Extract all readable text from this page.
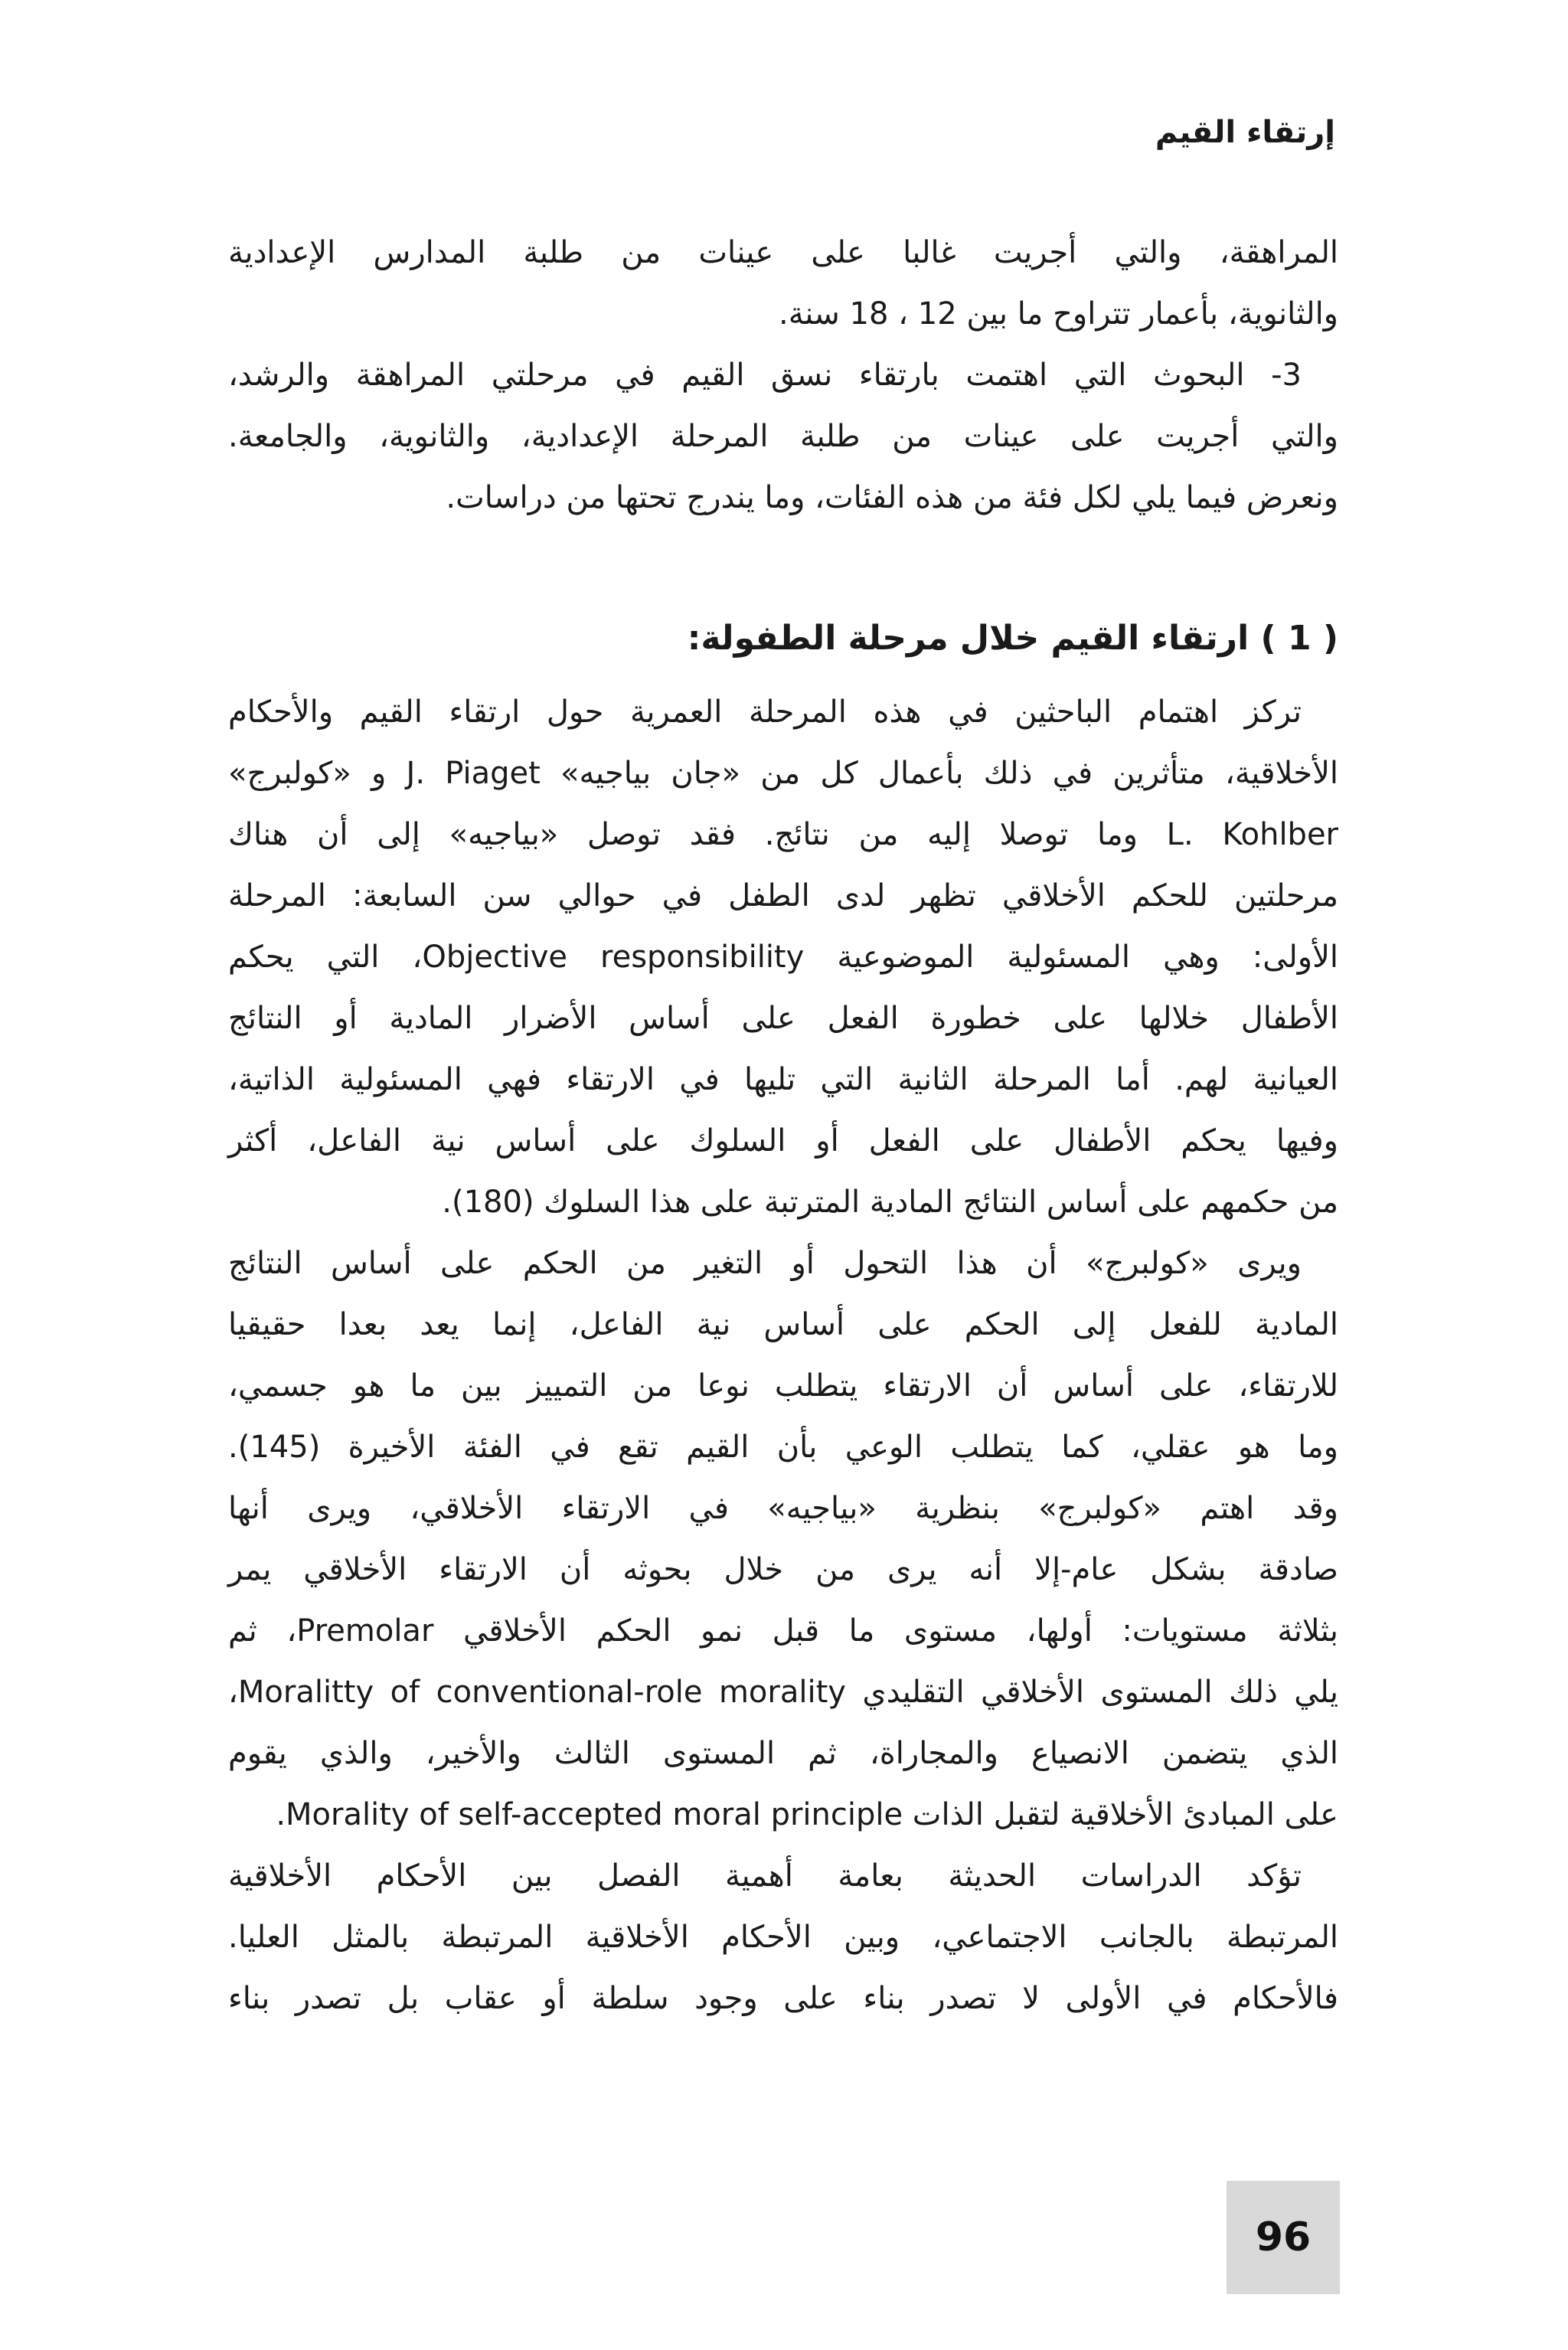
إرتقاء القيم
المراهقة، والتي أجريت غالبا على عينات من طلبة المدارس الإعدادية
والثانوية، بأعمار تتراوح ما بين 12 ، 18 سنة.
3- البحوث التي اهتمت بارتقاء نسق القيم في مرحلتي المراهقة والرشد،
والتي أجريت على عينات من طلبة المرحلة الإعدادية، والثانوية، والجامعة.
ونعرض فيما يلي لكل فئة من هذه الفئات، وما يندرج تحتها من دراسات.
( 1 ) ارتقاء القيم خلال مرحلة الطفولة:
تركز اهتمام الباحثين في هذه المرحلة العمرية حول ارتقاء القيم والأحكام
الأخلاقية، متأثرين في ذلك بأعمال كل من «جان بياجيه» J. Piaget و «كولبرج»
L. Kohlber وما توصلا إليه من نتائج. فقد توصل «بياجيه» إلى أن هناك
مرحلتين للحكم الأخلاقي تظهر لدى الطفل في حوالي سن السابعة: المرحلة
الأولى: وهي المسئولية الموضوعية Objective responsibility، التي يحكم
الأطفال خلالها على خطورة الفعل على أساس الأضرار المادية أو النتائج
العيانية لهم. أما المرحلة الثانية التي تليها في الارتقاء فهي المسئولية الذاتية،
وفيها يحكم الأطفال على الفعل أو السلوك على أساس نية الفاعل، أكثر
من حكمهم على أساس النتائج المادية المترتبة على هذا السلوك (180).
ويرى «كولبرج» أن هذا التحول أو التغير من الحكم على أساس النتائج
المادية للفعل إلى الحكم على أساس نية الفاعل، إنما يعد بعدا حقيقيا
للارتقاء، على أساس أن الارتقاء يتطلب نوعا من التمييز بين ما هو جسمي،
وما هو عقلي، كما يتطلب الوعي بأن القيم تقع في الفئة الأخيرة (145).
وقد اهتم «كولبرج» بنظرية «بياجيه» في الارتقاء الأخلاقي، ويرى أنها
صادقة بشكل عام-إلا أنه يرى من خلال بحوثه أن الارتقاء الأخلاقي يمر
بثلاثة مستويات: أولها، مستوى ما قبل نمو الحكم الأخلاقي Premolar، ثم
يلي ذلك المستوى الأخلاقي التقليدي Moralitty of conventional-role morality،
الذي يتضمن الانصياع والمجاراة، ثم المستوى الثالث والأخير، والذي يقوم
على المبادئ الأخلاقية لتقبل الذات Morality of self-accepted moral principle.
تؤكد الدراسات الحديثة بعامة أهمية الفصل بين الأحكام الأخلاقية
المرتبطة بالجانب الاجتماعي، وبين الأحكام الأخلاقية المرتبطة بالمثل العليا.
فالأحكام في الأولى لا تصدر بناء على وجود سلطة أو عقاب بل تصدر بناء
96
